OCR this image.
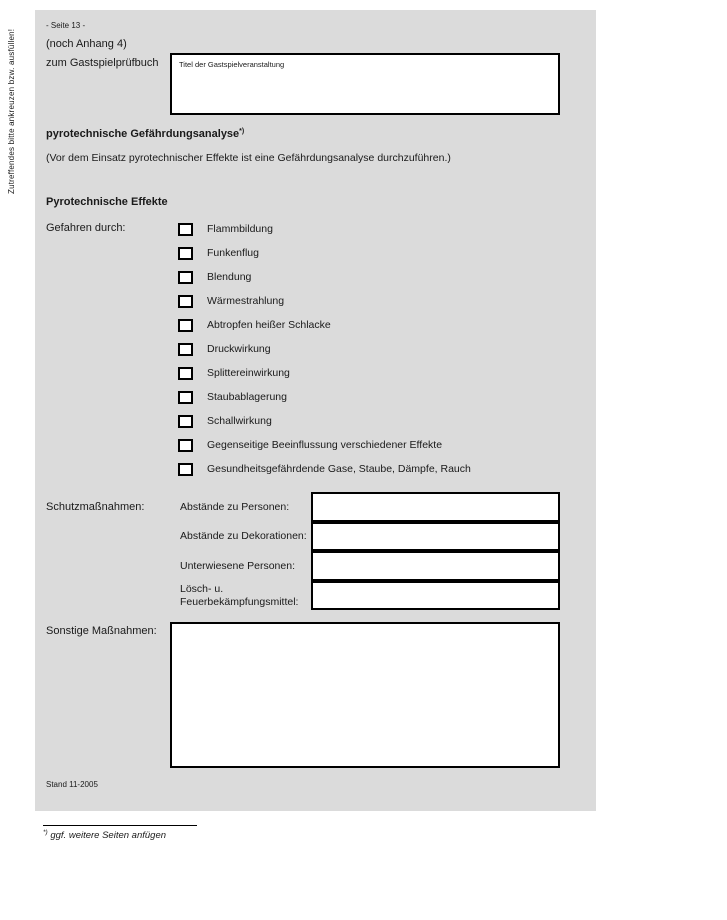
Zutreffendes bitte ankreuzen bzw. ausfüllen!
- Seite 13 -
(noch Anhang 4)
zum Gastspielprüfbuch	Titel der Gastspielveranstaltung
pyrotechnische Gefährdungsanalyse*)
(Vor dem Einsatz pyrotechnischer Effekte ist eine Gefährdungsanalyse durchzuführen.)
Pyrotechnische Effekte
Gefahren durch:	Flammbildung
Funkenflug
Blendung
Wärmestrahlung
Abtropfen heißer Schlacke
Druckwirkung
Splittereinwirkung
Staubablagerung
Schallwirkung
Gegenseitige Beeinflussung verschiedener Effekte
Gesundheitsgefährdende Gase, Staube, Dämpfe, Rauch
Schutzmaßnahmen:	Abstände zu Personen:
Abstände zu Dekorationen:
Unterwiesene Personen:
Lösch- u.
Feuerbekämpfungsmittel:
Sonstige Maßnahmen:
Stand 11-2005
*) ggf. weitere Seiten anfügen
